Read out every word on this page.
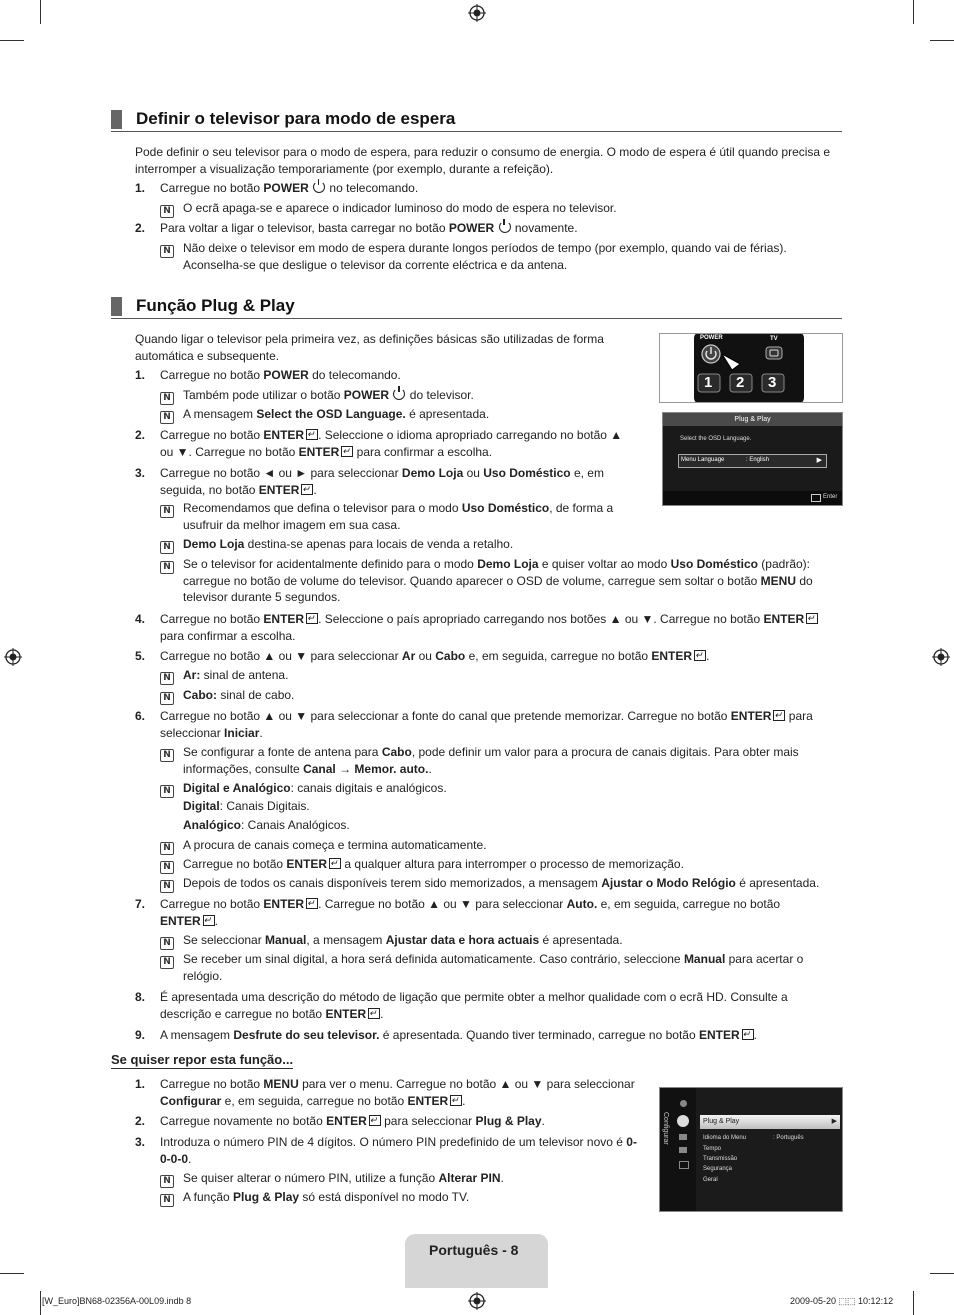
Definir o televisor para modo de espera
Pode definir o seu televisor para o modo de espera, para reduzir o consumo de energia. O modo de espera é útil quando precisa e interromper a visualização temporariamente (por exemplo, durante a refeição).
1.	Carregue no botão POWER  no telecomando.
N O ecrã apaga-se e aparece o indicador luminoso do modo de espera no televisor.
2.	Para voltar a ligar o televisor, basta carregar no botão POWER  novamente.
N Não deixe o televisor em modo de espera durante longos períodos de tempo (por exemplo, quando vai de férias). Aconselha-se que desligue o televisor da corrente eléctrica e da antena.
Função Plug & Play
Quando ligar o televisor pela primeira vez, as definições básicas são utilizadas de forma automática e subsequente.
POWER	TV
1 2 3
Plug & Play
Select the OSD Language.
Menu Language	: English	▶
Enter
1.	Carregue no botão POWER do telecomando.
N Também pode utilizar o botão POWER  do televisor.
N A mensagem Select the OSD Language. é apresentada.
2.	Carregue no botão ENTER ↵ . Seleccione o idioma apropriado carregando no botão ▲ ou ▼. Carregue no botão ENTER↵ para confirmar a escolha.
3.	Carregue no botão ◄ ou ► para seleccionar Demo Loja ou Uso Doméstico e, em seguida, no botão ENTER ↵ .
N Recomendamos que defina o televisor para o modo Uso Doméstico, de forma a usufruir da melhor imagem em sua casa.
N Demo Loja destina-se apenas para locais de venda a retalho.
N Se o televisor for acidentalmente definido para o modo Demo Loja e quiser voltar ao modo Uso Doméstico (padrão): carregue no botão de volume do televisor. Quando aparecer o OSD de volume, carregue sem soltar o botão MENU do televisor durante 5 segundos.
4.	Carregue no botão ENTER ↵ . Seleccione o país apropriado carregando nos botões ▲ ou ▼. Carregue no botão ENTER↵ para confirmar a escolha.
5.	Carregue no botão ▲ ou ▼ para seleccionar Ar ou Cabo e, em seguida, carregue no botão ENTER ↵ .
N Ar: sinal de antena.
N Cabo: sinal de cabo.
6.	Carregue no botão ▲ ou ▼ para seleccionar a fonte do canal que pretende memorizar. Carregue no botão ENTER↵ para seleccionar Iniciar.
N Se configurar a fonte de antena para Cabo, pode definir um valor para a procura de canais digitais. Para obter mais informações, consulte Canal → Memor. auto..
N Digital e Analógico: canais digitais e analógicos.
Digital: Canais Digitais.
Analógico: Canais Analógicos.
N A procura de canais começa e termina automaticamente.
N Carregue no botão ENTER↵ a qualquer altura para interromper o processo de memorização.
N Depois de todos os canais disponíveis terem sido memorizados, a mensagem Ajustar o Modo Relógio é apresentada.
7.	Carregue no botão ENTER ↵ . Carregue no botão ▲ ou ▼ para seleccionar Auto. e, em seguida, carregue no botão ENTER ↵ .
N Se seleccionar Manual, a mensagem Ajustar data e hora actuais é apresentada.
N Se receber um sinal digital, a hora será definida automaticamente. Caso contrário, seleccione Manual para acertar o relógio.
8.	É apresentada uma descrição do método de ligação que permite obter a melhor qualidade com o ecrã HD. Consulte a descrição e carregue no botão ENTER ↵ .
9.	A mensagem Desfrute do seu televisor. é apresentada. Quando tiver terminado, carregue no botão ENTER ↵ .
Se quiser repor esta função...
Configurar	Plug & Play	▶
Idioma do Menu	: Português
Tempo
Transmissão
Segurança
Geral
1.	Carregue no botão MENU para ver o menu. Carregue no botão ▲ ou ▼ para seleccionar Configurar e, em seguida, carregue no botão ENTER ↵ .
2.	Carregue novamente no botão ENTER↵ para seleccionar Plug & Play.
3.	Introduza o número PIN de 4 dígitos. O número PIN predefinido de um televisor novo é 0-0-0-0.
N Se quiser alterar o número PIN, utilize a função Alterar PIN.
N A função Plug & Play só está disponível no modo TV.
Português - 8
[W_Euro]BN68-02356A-00L09.indb 8	2009-05-20 ⬚⬚ 10:12:12
